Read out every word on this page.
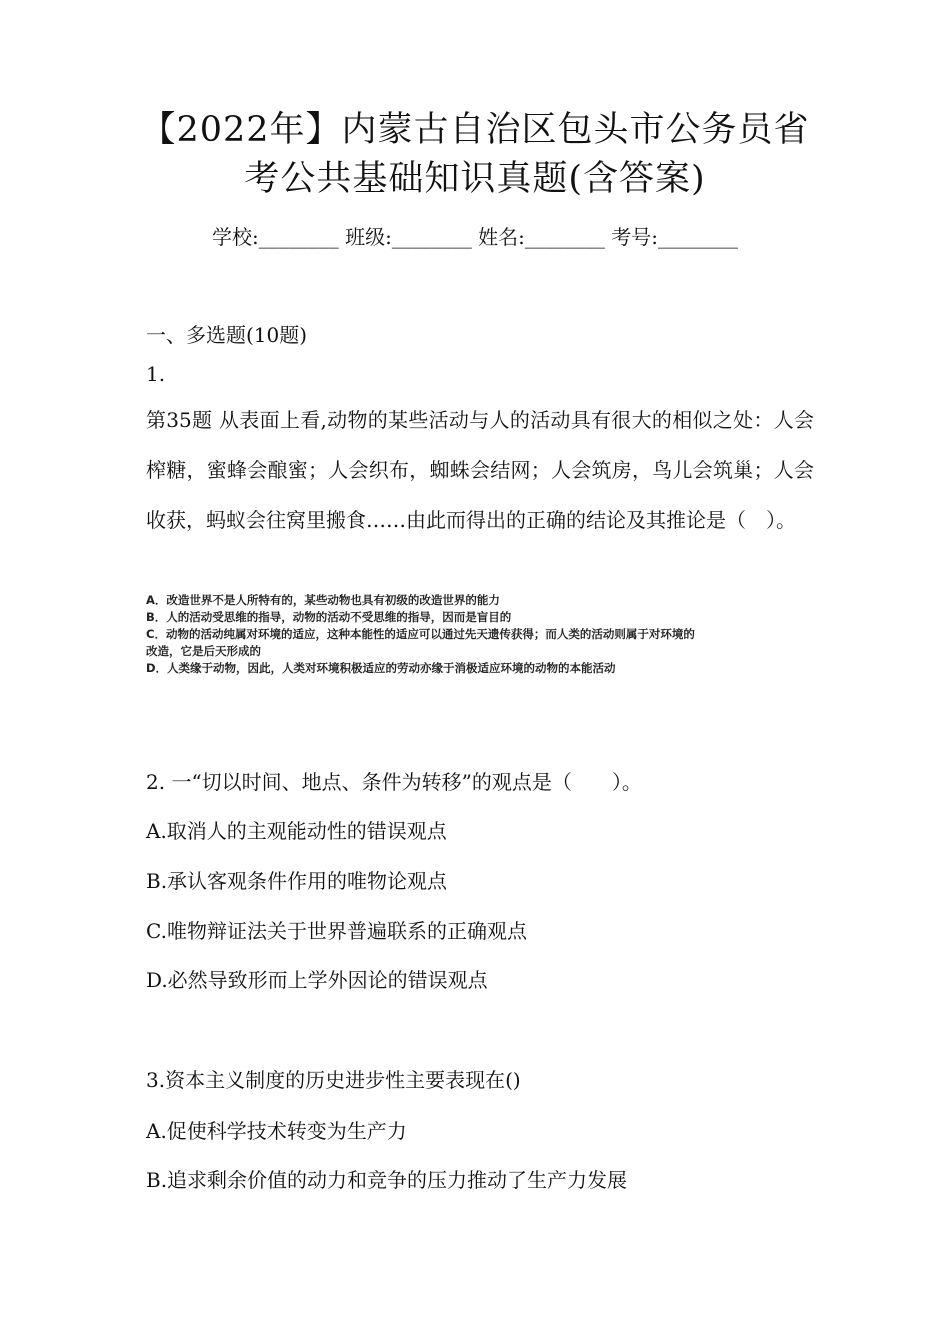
【2022年】内蒙古自治区包头市公务员省
考公共基础知识真题(含答案)
学校:________ 班级:________ 姓名:________ 考号:________
一、多选题(10题)
1.
第35题 从表面上看,动物的某些活动与人的活动具有很大的相似之处：人会榨糖，蜜蜂会酿蜜；人会织布，蜘蛛会结网；人会筑房，鸟儿会筑巢；人会收获，蚂蚁会往窝里搬食……由此而得出的正确的结论及其推论是（　）。
A．改造世界不是人所特有的，某些动物也具有初级的改造世界的能力
B．人的活动受思维的指导，动物的活动不受思维的指导，因而是盲目的
C．动物的活动纯属对环境的适应，这种本能性的适应可以通过先天遗传获得；而人类的活动则属于对环境的
改造，它是后天形成的
D．人类缘于动物，因此，人类对环境积极适应的劳动亦缘于消极适应环境的动物的本能活动
2. 一“切以时间、地点、条件为转移”的观点是（　　）。
A.取消人的主观能动性的错误观点
B.承认客观条件作用的唯物论观点
C.唯物辩证法关于世界普遍联系的正确观点
D.必然导致形而上学外因论的错误观点
3.资本主义制度的历史进步性主要表现在()
A.促使科学技术转变为生产力
B.追求剩余价值的动力和竞争的压力推动了生产力发展
